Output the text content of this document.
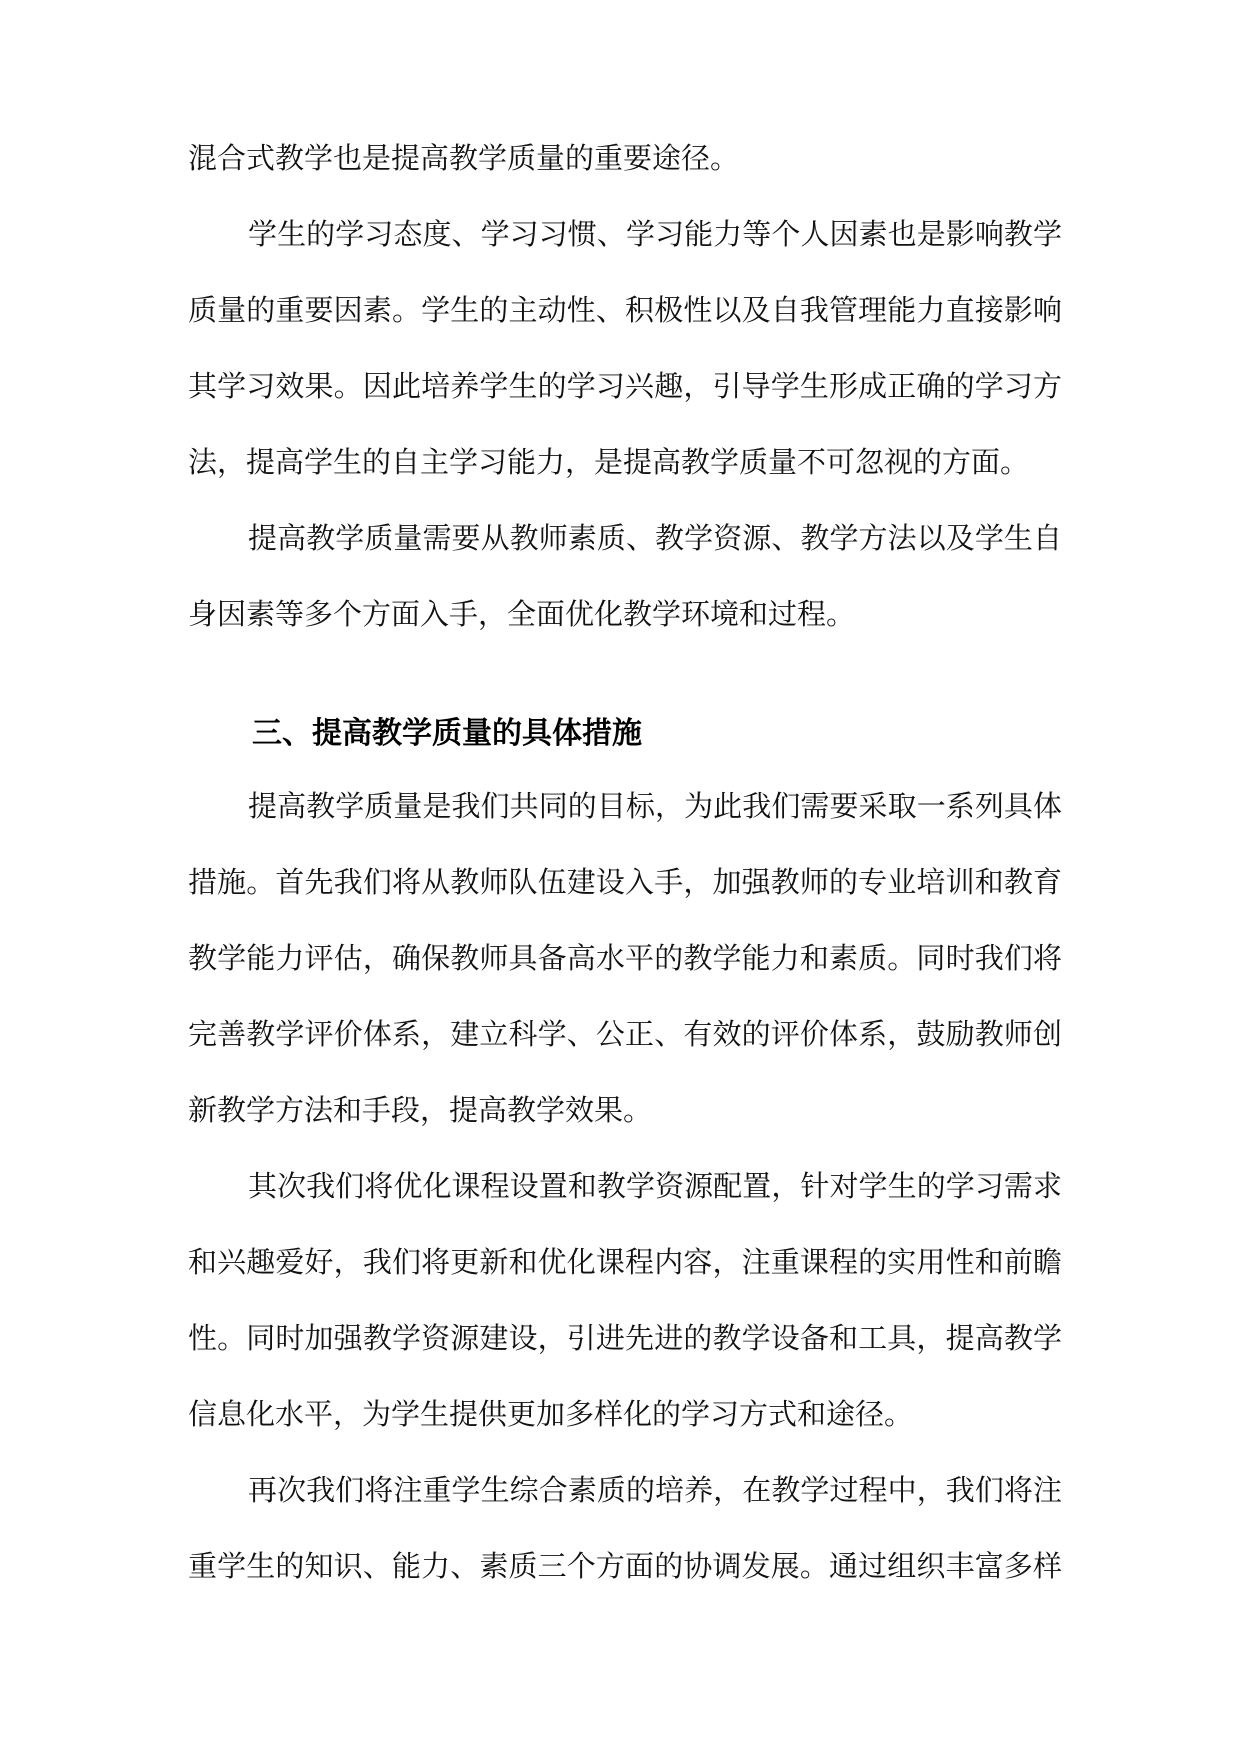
混合式教学也是提高教学质量的重要途径。
学生的学习态度、学习习惯、学习能力等个人因素也是影响教学
质量的重要因素。学生的主动性、积极性以及自我管理能力直接影响
其学习效果。因此培养学生的学习兴趣，引导学生形成正确的学习方
法，提高学生的自主学习能力，是提高教学质量不可忽视的方面。
提高教学质量需要从教师素质、教学资源、教学方法以及学生自
身因素等多个方面入手，全面优化教学环境和过程。
提高教学质量是我们共同的目标，为此我们需要采取一系列具体
措施。首先我们将从教师队伍建设入手，加强教师的专业培训和教育
教学能力评估，确保教师具备高水平的教学能力和素质。同时我们将
完善教学评价体系，建立科学、公正、有效的评价体系，鼓励教师创
新教学方法和手段，提高教学效果。
其次我们将优化课程设置和教学资源配置，针对学生的学习需求
和兴趣爱好，我们将更新和优化课程内容，注重课程的实用性和前瞻
性。同时加强教学资源建设，引进先进的教学设备和工具，提高教学
信息化水平，为学生提供更加多样化的学习方式和途径。
再次我们将注重学生综合素质的培养，在教学过程中，我们将注
重学生的知识、能力、素质三个方面的协调发展。通过组织丰富多样
三、提高教学质量的具体措施
